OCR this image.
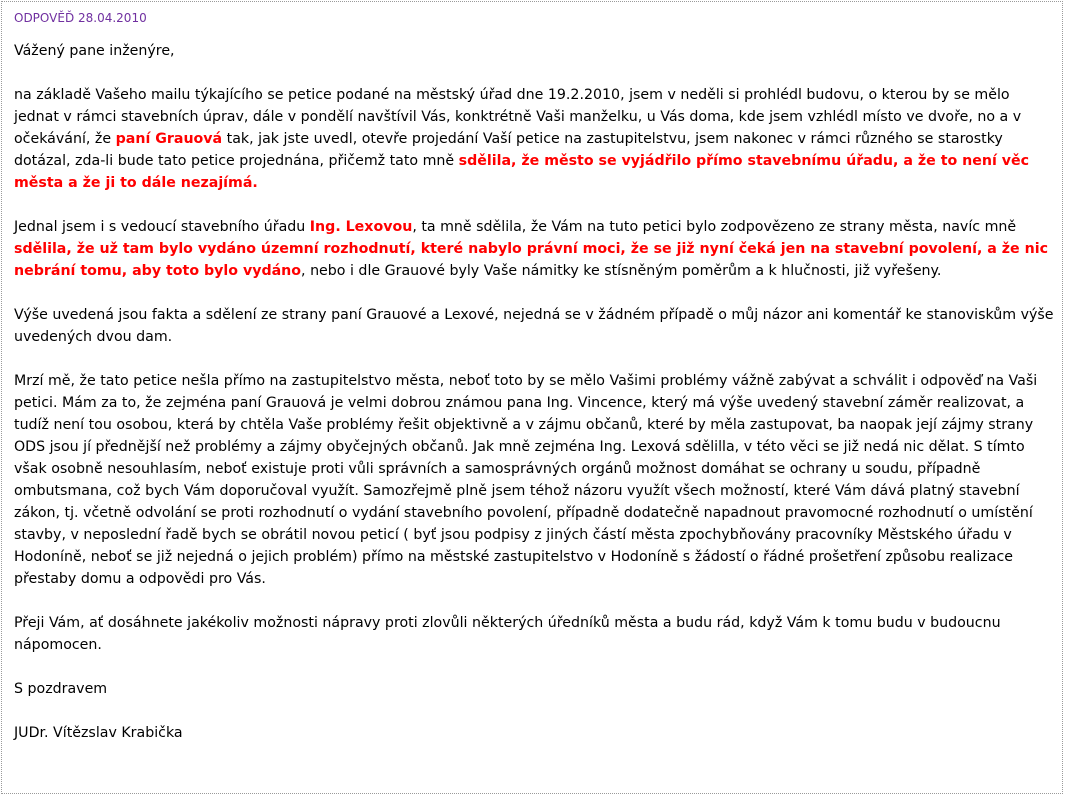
ODPOVĚĎ 28.04.2010

Vážený pane inženýre,

na základě Vašeho mailu týkajícího se petice podané na městský úřad dne 19.2.2010, jsem v neděli si prohlédl budovu, o kterou by se mělo jednat v rámci stavebních úprav, dále v pondělí navštívil Vás, konktrétně Vaši manželku, u Vás doma, kde jsem vzhlédl místo ve dvoře, no a v očekávání, že paní Grauová tak, jak jste uvedl, otevře projedání Vaší petice na zastupitelstvu, jsem nakonec v rámci různého se starostky dotázal, zda-li bude tato petice projednána, přičemž tato mně sdělila, že město se vyjádřilo přímo stavebnímu úřadu, a že to není věc města a že ji to dále nezajímá.

Jednal jsem i s vedoucí stavebního úřadu Ing. Lexovou, ta mně sdělila, že Vám na tuto petici bylo zodpovězeno ze strany města, navíc mně sdělila, že už tam bylo vydáno územní rozhodnutí, které nabylo právní moci, že se již nyní čeká jen na stavební povolení, a že nic nebrání tomu, aby toto bylo vydáno, nebo i dle Grauové byly Vaše námitky ke stísněným poměrům a k hlučnosti, již vyřešeny.

Výše uvedená jsou fakta a sdělení ze strany paní Grauové a Lexové, nejedná se v žádném případě o můj názor ani komentář ke stanoviskům výše uvedených dvou dam.

Mrzí mě, že tato petice nešla přímo na zastupitelstvo města, neboť toto by se mělo Vašimi problémy vážně zabývat a schválit i odpověď na Vaši petici. Mám za to, že zejména paní Grauová je velmi dobrou známou pana Ing. Vincence, který má výše uvedený stavební záměr realizovat, a tudíž není tou osobou, která by chtěla Vaše problémy řešit objektivně a v zájmu občanů, které by měla zastupovat, ba naopak její zájmy strany ODS jsou jí přednější než problémy a zájmy obyčejných občanů. Jak mně zejména Ing. Lexová sdělilla, v této věci se již nedá nic dělat. S tímto však osobně nesouhlasím, neboť existuje proti vůli správních a samosprávných orgánů možnost domáhat se ochrany u soudu, případně ombutsmana, což bych Vám doporučoval využít. Samozřejmě plně jsem téhož názoru využít všech možností, které Vám dává platný stavební zákon, tj. včetně odvolání se proti rozhodnutí o vydání stavebního povolení, případně dodatečně napadnout pravomocné rozhodnutí o umístění stavby, v neposlední řadě bych se obrátil novou peticí ( byť jsou podpisy z jiných částí města zpochybňovány pracovníky Městského úřadu v Hodoníně, neboť se již nejedná o jejich problém) přímo na městské zastupitelstvo v Hodoníně s žádostí o řádné prošetření způsobu realizace přestaby domu a odpovědi pro Vás.

Přeji Vám, ať dosáhnete jakékoliv možnosti nápravy proti zlovůli některých úředníků města a budu rád, když Vám k tomu budu v budoucnu nápomocen.

S pozdravem

JUDr. Vítězslav Krabička
